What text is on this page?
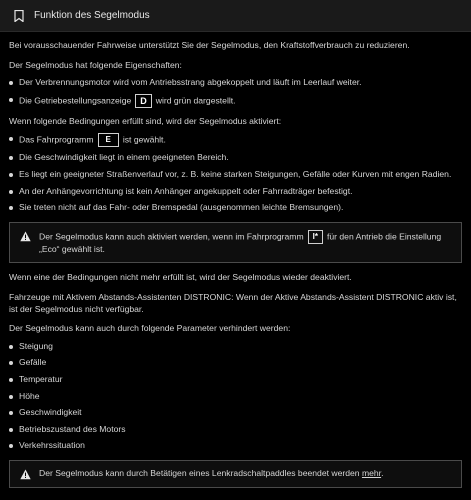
Funktion des Segelmodus

Bei vorausschauender Fahrweise unterstützt Sie der Segelmodus, den Kraftstoffverbrauch zu reduzieren.

Der Segelmodus hat folgende Eigenschaften:

Der Verbrennungsmotor wird vom Antriebsstrang abgekoppelt und läuft im Leerlauf weiter.
Die Getriebestellungsanzeige D wird grün dargestellt.

Wenn folgende Bedingungen erfüllt sind, wird der Segelmodus aktiviert:

Das Fahrprogramm E ist gewählt.
Die Geschwindigkeit liegt in einem geeigneten Bereich.
Es liegt ein geeigneter Straßenverlauf vor, z. B. keine starken Steigungen, Gefälle oder Kurven mit engen Radien.
An der Anhängevorrichtung ist kein Anhänger angekuppelt oder Fahrradträger befestigt.
Sie treten nicht auf das Fahr- oder Bremspedal (ausgenommen leichte Bremsungen).
Der Segelmodus kann auch aktiviert werden, wenn im Fahrprogramm I* für den Antrieb die Einstellung „Eco“ gewählt ist.

Wenn eine der Bedingungen nicht mehr erfüllt ist, wird der Segelmodus wieder deaktiviert.

Fahrzeuge mit Aktivem Abstands-Assistenten DISTRONIC: Wenn der Aktive Abstands-Assistent DISTRONIC aktiv ist, ist der Segelmodus nicht verfügbar.

Der Segelmodus kann auch durch folgende Parameter verhindert werden:

Steigung
Gefälle
Temperatur
Höhe
Geschwindigkeit
Betriebszustand des Motors
Verkehrssituation
Der Segelmodus kann durch Betätigen eines Lenkradschaltpaddles beendet werden mehr.
